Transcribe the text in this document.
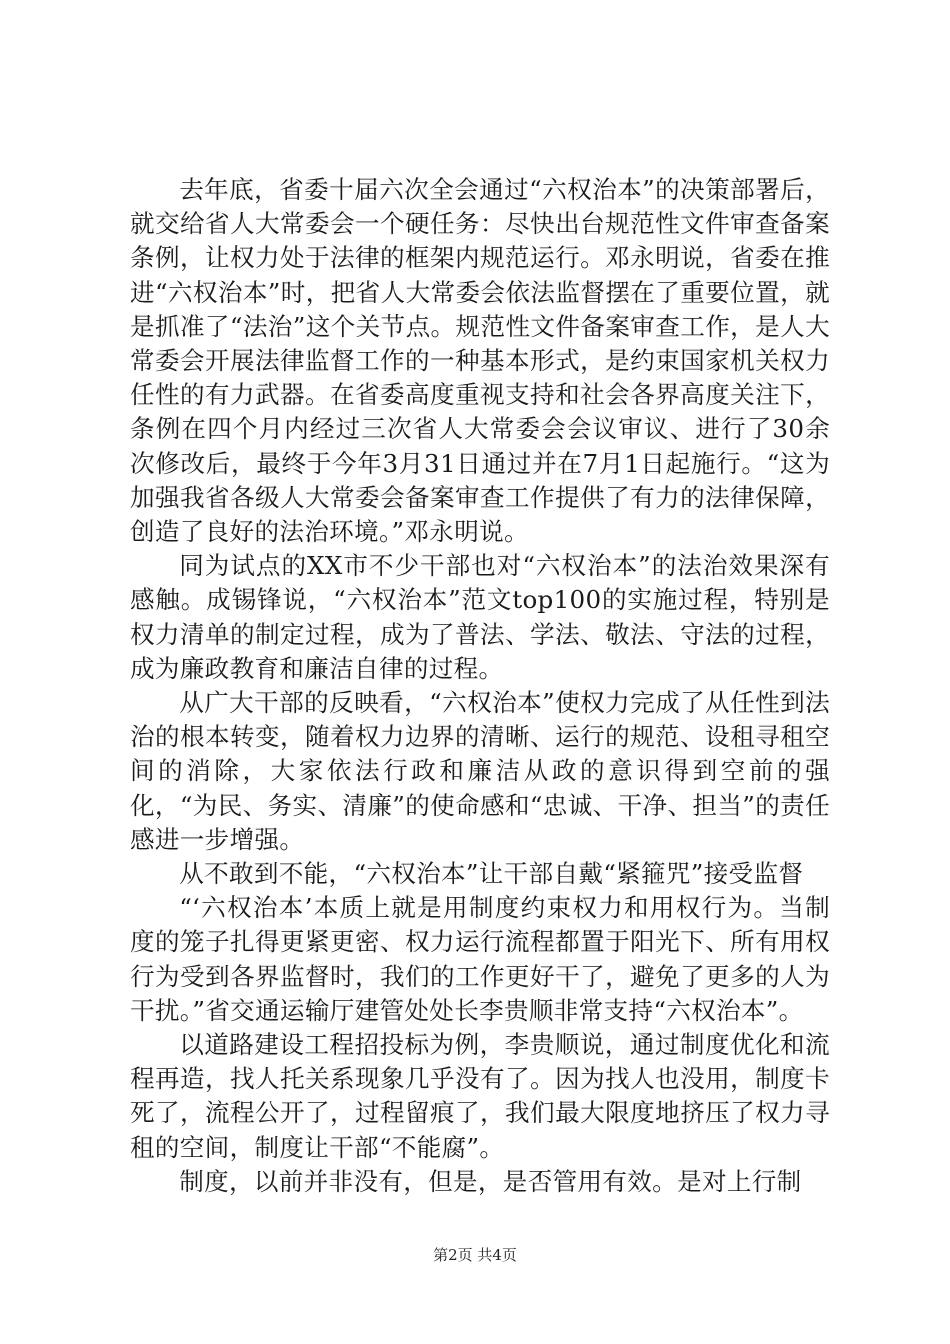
去年底，省委十届六次全会通过“六权治本”的决策部署后，就交给省人大常委会一个硬任务：尽快出台规范性文件审查备案条例，让权力处于法律的框架内规范运行。邓永明说，省委在推进“六权治本”时，把省人大常委会依法监督摆在了重要位置，就是抓准了“法治”这个关节点。规范性文件备案审查工作，是人大常委会开展法律监督工作的一种基本形式，是约束国家机关权力任性的有力武器。在省委高度重视支持和社会各界高度关注下，条例在四个月内经过三次省人大常委会会议审议、进行了30余次修改后，最终于今年3月31日通过并在7月1日起施行。“这为加强我省各级人大常委会备案审查工作提供了有力的法律保障，创造了良好的法治环境。”邓永明说。

同为试点的XX市不少干部也对“六权治本”的法治效果深有感触。成锡锋说，“六权治本”范文top100的实施过程，特别是权力清单的制定过程，成为了普法、学法、敬法、守法的过程，成为廉政教育和廉洁自律的过程。

从广大干部的反映看，“六权治本”使权力完成了从任性到法治的根本转变，随着权力边界的清晰、运行的规范、设租寻租空间的消除，大家依法行政和廉洁从政的意识得到空前的强化，“为民、务实、清廉”的使命感和“忠诚、干净、担当”的责任感进一步增强。

从不敢到不能，“六权治本”让干部自戴“紧箍咒”接受监督

“‘六权治本’本质上就是用制度约束权力和用权行为。当制度的笼子扎得更紧更密、权力运行流程都置于阳光下、所有用权行为受到各界监督时，我们的工作更好干了，避免了更多的人为干扰。”省交通运输厅建管处处长李贵顺非常支持“六权治本”。

以道路建设工程招投标为例，李贵顺说，通过制度优化和流程再造，找人托关系现象几乎没有了。因为找人也没用，制度卡死了，流程公开了，过程留痕了，我们最大限度地挤压了权力寻租的空间，制度让干部“不能腐”。

制度，以前并非没有，但是，是否管用有效。是对上行制

第2页 共4页
